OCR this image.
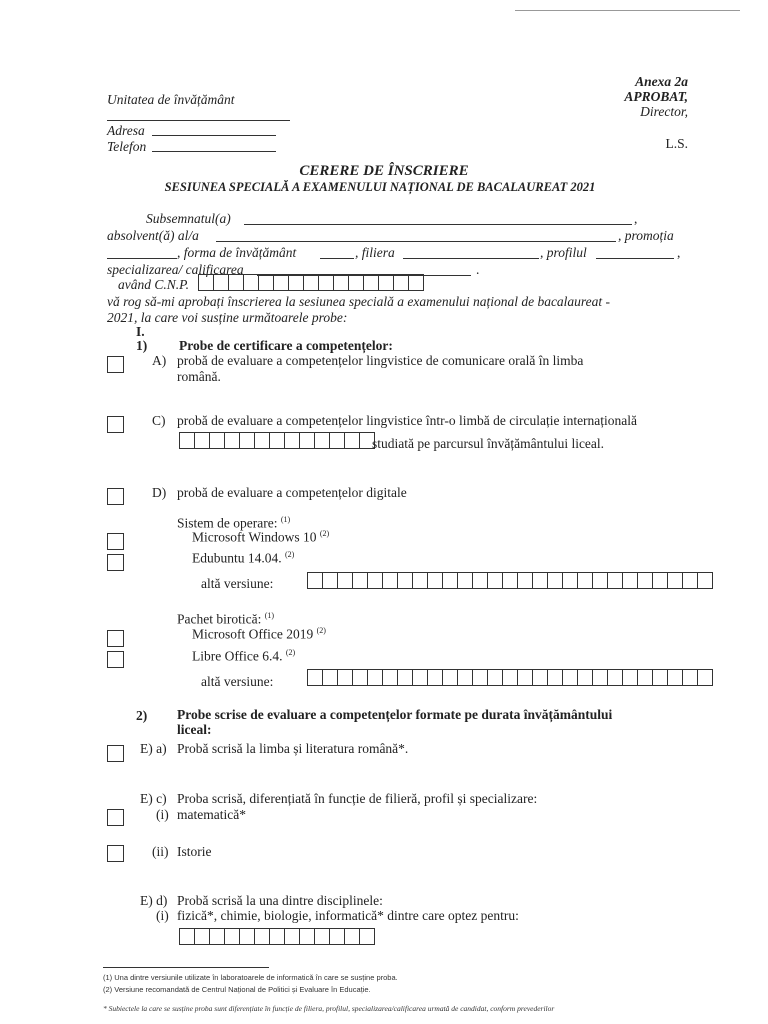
Anexa 2a
APROBAT,
Director,
Unitatea de învățământ
Adresa
Telefon	L.S.
CERERE DE ÎNSCRIERE
SESIUNEA SPECIALĂ A EXAMENULUI NAȚIONAL DE BACALAUREAT 2021
Subsemnatul(a)	,
absolvent(ă) al/a	, promoția
, forma de învățământ	, filiera	, profilul	,
specializarea/ calificarea	.
având C.N.P.
vă rog să-mi aprobați înscrierea la sesiunea specială a examenului național de bacalaureat -
2021, la care voi susține următoarele probe:
I.
1) Probe de certificare a competențelor:
A) probă de evaluare a competențelor lingvistice de comunicare orală în limba
română.
C) probă de evaluare a competențelor lingvistice într-o limbă de circulație internațională
studiată pe parcursul învățământului liceal.
D) probă de evaluare a competențelor digitale
Sistem de operare: $^{(1)}$
Microsoft Windows 10 $^{(2)}$
Edubuntu 14.04. $^{(2)}$
altă versiune:
Pachet birotică: $^{(1)}$
Microsoft Office 2019 $^{(2)}$
Libre Office 6.4. $^{(2)}$
altă versiune:
2) Probe scrise de evaluare a competențelor formate pe durata învățământului
liceal:
E) a) Probă scrisă la limba și literatura română*.
E) c) Proba scrisă, diferențiată în funcție de filieră, profil și specializare:
(i) matematică*
(ii) Istorie
E) d) Probă scrisă la una dintre disciplinele:
(i) fizică*, chimie, biologie, informatică* dintre care optez pentru:
(1) Una dintre versiunile utilizate în laboratoarele de informatică în care se susține proba.
(2) Versiune recomandată de Centrul Național de Politici și Evaluare în Educație.
* Subiectele la care se susține proba sunt diferențiate în funcție de filiera, profilul, specializarea/calificarea urmată de candidat, conform prevederilor
